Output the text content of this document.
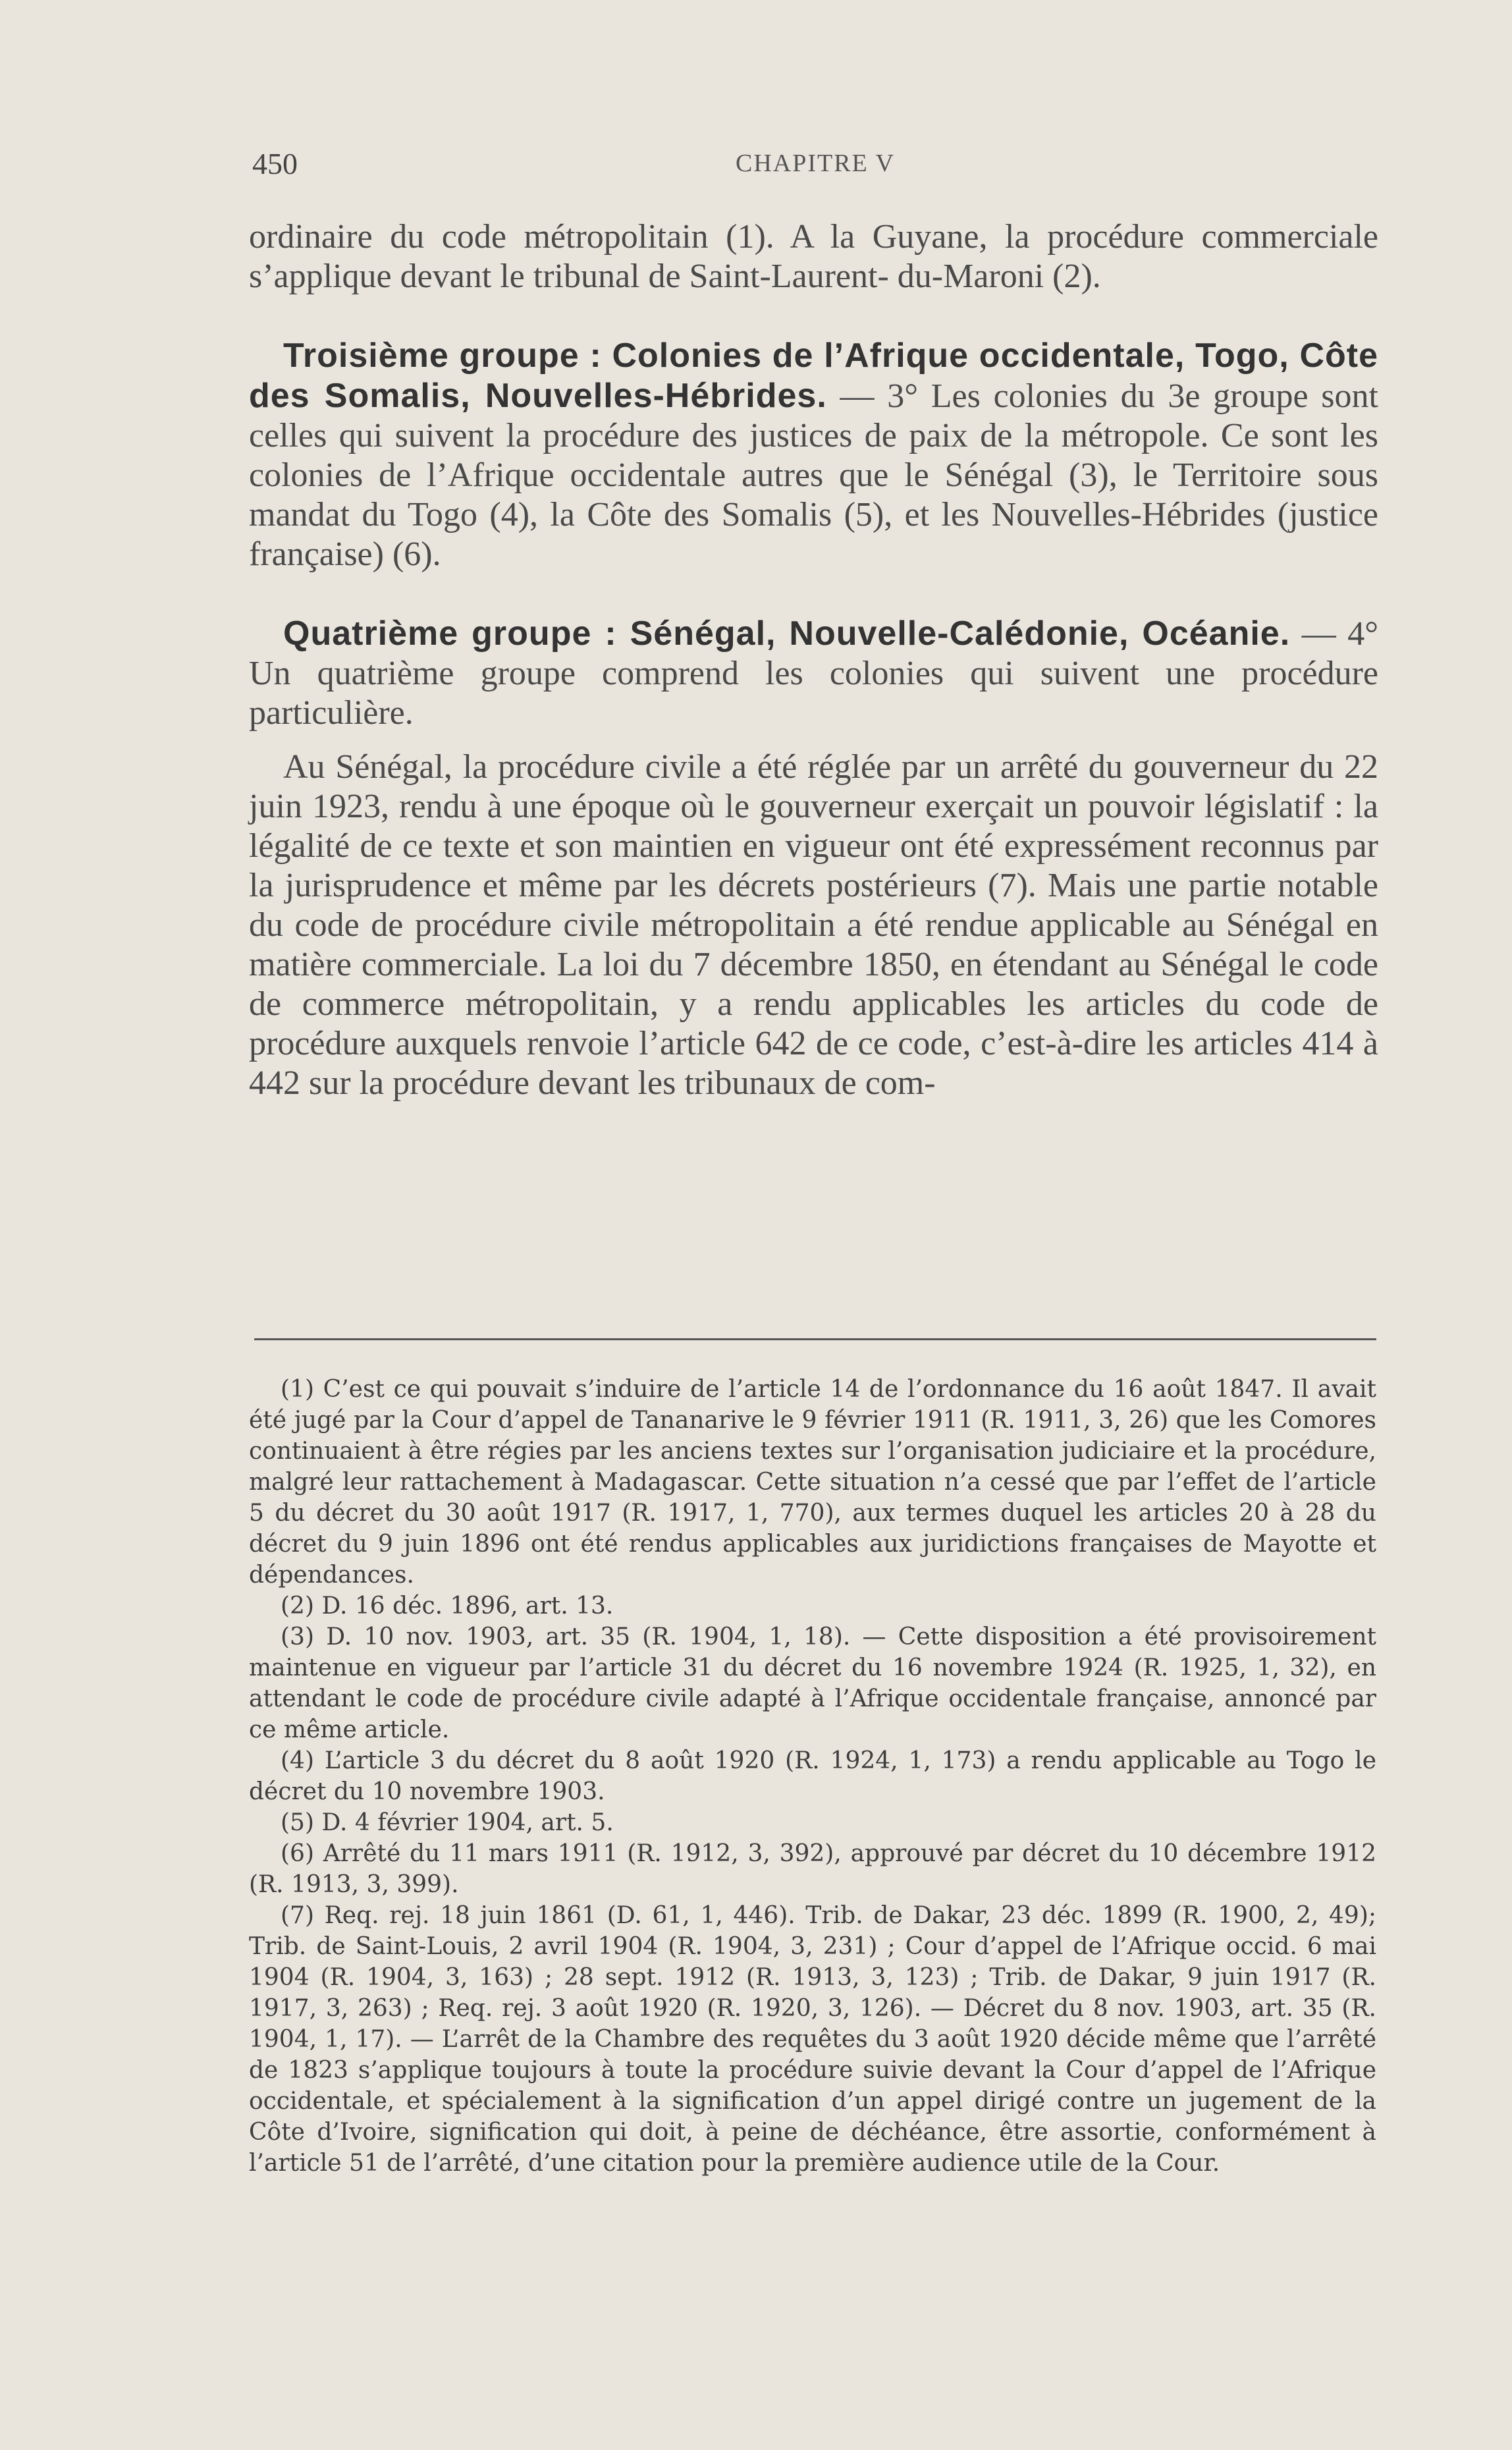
450	CHAPITRE V

ordinaire du code métropolitain (1). A la Guyane, la procédure commerciale s’applique devant le tribunal de Saint-Laurent- du-Maroni (2).

Troisième groupe : Colonies de l’Afrique occidentale, Togo, Côte des Somalis, Nouvelles-Hébrides. — 3° Les colonies du 3e groupe sont celles qui suivent la procédure des justices de paix de la métropole. Ce sont les colonies de l’Afrique occidentale autres que le Sénégal (3), le Territoire sous mandat du Togo (4), la Côte des Somalis (5), et les Nouvelles-Hébrides (justice française) (6).

Quatrième groupe : Sénégal, Nouvelle-Calédonie, Océanie. — 4° Un quatrième groupe comprend les colonies qui suivent une procédure particulière.

Au Sénégal, la procédure civile a été réglée par un arrêté du gouverneur du 22 juin 1923, rendu à une époque où le gouverneur exerçait un pouvoir législatif : la légalité de ce texte et son maintien en vigueur ont été expressément reconnus par la jurisprudence et même par les décrets postérieurs (7). Mais une partie notable du code de procédure civile métropolitain a été rendue applicable au Sénégal en matière commerciale. La loi du 7 décembre 1850, en étendant au Sénégal le code de commerce métropolitain, y a rendu applicables les articles du code de procédure auxquels renvoie l’article 642 de ce code, c’est-à-dire les articles 414 à 442 sur la procédure devant les tribunaux de com-

(1) C’est ce qui pouvait s’induire de l’article 14 de l’ordonnance du 16 août 1847. Il avait été jugé par la Cour d’appel de Tananarive le 9 février 1911 (R. 1911, 3, 26) que les Comores continuaient à être régies par les anciens textes sur l’organisation judiciaire et la procédure, malgré leur rattachement à Madagascar. Cette situation n’a cessé que par l’effet de l’article 5 du décret du 30 août 1917 (R. 1917, 1, 770), aux termes duquel les articles 20 à 28 du décret du 9 juin 1896 ont été rendus applicables aux juridictions françaises de Mayotte et dépendances.

(2) D. 16 déc. 1896, art. 13.

(3) D. 10 nov. 1903, art. 35 (R. 1904, 1, 18). — Cette disposition a été provisoirement maintenue en vigueur par l’article 31 du décret du 16 novembre 1924 (R. 1925, 1, 32), en attendant le code de procédure civile adapté à l’Afrique occidentale française, annoncé par ce même article.

(4) L’article 3 du décret du 8 août 1920 (R. 1924, 1, 173) a rendu applicable au Togo le décret du 10 novembre 1903.

(5) D. 4 février 1904, art. 5.

(6) Arrêté du 11 mars 1911 (R. 1912, 3, 392), approuvé par décret du 10 décembre 1912 (R. 1913, 3, 399).

(7) Req. rej. 18 juin 1861 (D. 61, 1, 446). Trib. de Dakar, 23 déc. 1899 (R. 1900, 2, 49); Trib. de Saint-Louis, 2 avril 1904 (R. 1904, 3, 231) ; Cour d’appel de l’Afrique occid. 6 mai 1904 (R. 1904, 3, 163) ; 28 sept. 1912 (R. 1913, 3, 123) ; Trib. de Dakar, 9 juin 1917 (R. 1917, 3, 263) ; Req. rej. 3 août 1920 (R. 1920, 3, 126). — Décret du 8 nov. 1903, art. 35 (R. 1904, 1, 17). — L’arrêt de la Chambre des requêtes du 3 août 1920 décide même que l’arrêté de 1823 s’applique toujours à toute la procédure suivie devant la Cour d’appel de l’Afrique occidentale, et spécialement à la signification d’un appel dirigé contre un jugement de la Côte d’Ivoire, signification qui doit, à peine de déchéance, être assortie, conformément à l’article 51 de l’arrêté, d’une citation pour la première audience utile de la Cour.
